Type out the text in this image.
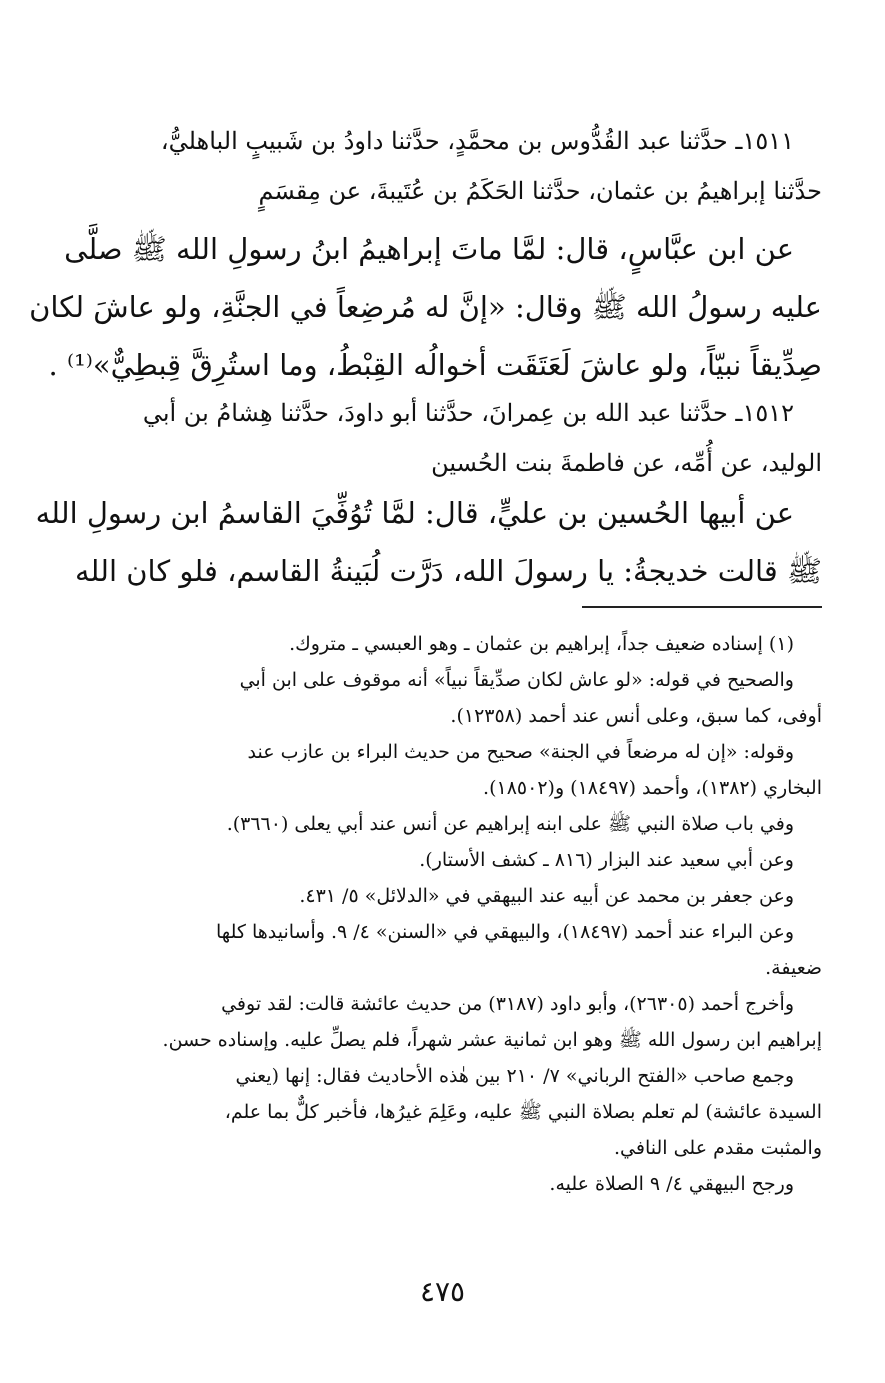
١٥١١ـ حدَّثنا عبد القُدُّوس بن محمَّدٍ، حدَّثنا داودُ بن شَبيبٍ الباهليُّ،
حدَّثنا إبراهيمُ بن عثمان، حدَّثنا الحَكَمُ بن عُتَيبةَ، عن مِقسَمٍ
عن ابن عبَّاسٍ، قال: لمَّا ماتَ إبراهيمُ ابنُ رسولِ الله ﷺ صلَّى
عليه رسولُ الله ﷺ وقال: «إنَّ له مُرضِعاً في الجنَّةِ، ولو عاشَ لكان
صِدِّيقاً نبيّاً، ولو عاشَ لَعَتَقَت أخوالُه القِبْطُ، وما استُرِقَّ قِبطِيٌّ»⁽¹⁾ .
١٥١٢ـ حدَّثنا عبد الله بن عِمرانَ، حدَّثنا أبو داودَ، حدَّثنا هِشامُ بن أبي
الوليد، عن أُمِّه، عن فاطمةَ بنت الحُسين
عن أبيها الحُسين بن عليٍّ، قال: لمَّا تُوُفِّيَ القاسمُ ابن رسولِ الله
ﷺ قالت خديجةُ: يا رسولَ الله، دَرَّت لُبَينةُ القاسم، فلو كان الله
(١) إسناده ضعيف جداً، إبراهيم بن عثمان ـ وهو العبسي ـ متروك.
والصحيح في قوله: «لو عاش لكان صدِّيقاً نبياً» أنه موقوف على ابن أبي
أوفى، كما سبق، وعلى أنس عند أحمد (١٢٣٥٨).
وقوله: «إن له مرضعاً في الجنة» صحيح من حديث البراء بن عازب عند
البخاري (١٣٨٢)، وأحمد (١٨٤٩٧) و(١٨٥٠٢).
وفي باب صلاة النبي ﷺ على ابنه إبراهيم عن أنس عند أبي يعلى (٣٦٦٠).
وعن أبي سعيد عند البزار (٨١٦ ـ كشف الأستار).
وعن جعفر بن محمد عن أبيه عند البيهقي في «الدلائل» ٥/ ٤٣١.
وعن البراء عند أحمد (١٨٤٩٧)، والبيهقي في «السنن» ٤/ ٩. وأسانيدها كلها
ضعيفة.
وأخرج أحمد (٢٦٣٠٥)، وأبو داود (٣١٨٧) من حديث عائشة قالت: لقد توفي
إبراهيم ابن رسول الله ﷺ وهو ابن ثمانية عشر شهراً، فلم يصلِّ عليه. وإسناده حسن.
وجمع صاحب «الفتح الرباني» ٧/ ٢١٠ بين هٰذه الأحاديث فقال: إنها (يعني
السيدة عائشة) لم تعلم بصلاة النبي ﷺ عليه، وعَلِمَ غيرُها، فأخبر كلٌّ بما علم،
والمثبت مقدم على النافي.
ورجح البيهقي ٤/ ٩ الصلاة عليه.
٤٧٥
